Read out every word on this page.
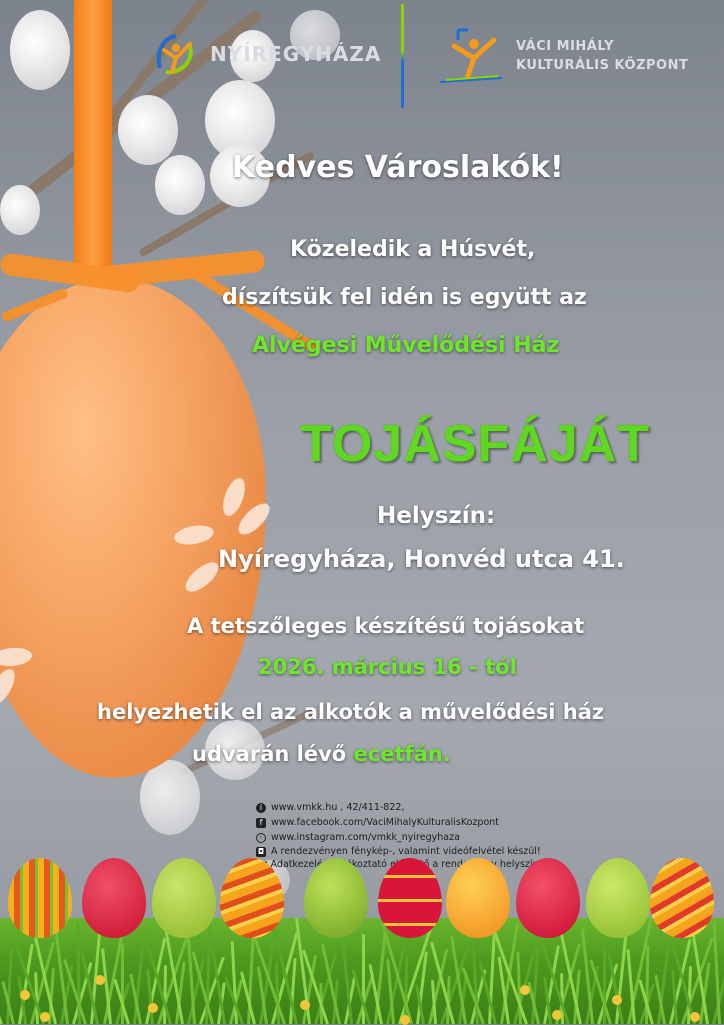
NYÍREGYHÁZA	VÁCI MIHÁLY
KULTURÁLIS KÖZPONT
Kedves Városlakók!
Közeledik a Húsvét,
díszítsük fel idén is együtt az
Alvégesi Művelődési Ház
TOJÁSFÁJÁT
Helyszín:
Nyíregyháza, Honvéd utca 41.
A tetszőleges készítésű tojásokat
2026. március 16 - tól
helyezhetik el az alkotók a művelődési ház
udvarán lévő ecetfán.
i www.vmkk.hu , 42/411-822,
f www.facebook.com/VaciMihalyKulturalisKozpont
◦ www.instagram.com/vmkk_nyiregyhaza
◘ A rendezvényen fénykép-, valamint videófelvétel készül!
Adatkezelési Tájékoztató a helyszínén.
